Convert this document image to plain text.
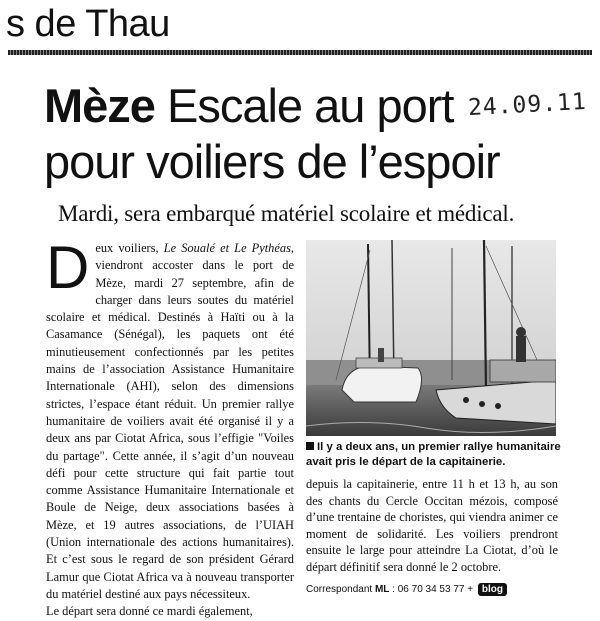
s de Thau
Mèze Escale au port
pour voiliers de l’espoir
24.09.11
Mardi, sera embarqué matériel scolaire et médical.
D eux voiliers, Le Soualé et Le Pythéas, viendront accoster dans le port de Mèze, mardi 27 septembre, afin de charger dans leurs soutes du matériel scolaire et médical. Destinés à Haïti ou à la Casamance (Sénégal), les paquets ont été minutieusement confectionnés par les petites mains de l’association Assistance Humanitaire Internationale (AHI), selon des dimensions strictes, l’espace étant réduit. Un premier rallye humanitaire de voiliers avait été organisé il y a deux ans par Ciotat Africa, sous l’effigie "Voiles du partage". Cette année, il s’agit d’un nouveau défi pour cette structure qui fait partie tout comme Assistance Humanitaire Internationale et Boule de Neige, deux associations basées à Mèze, et 19 autres associations, de l’UIAH (Union internationale des actions humanitaires). Et c’est sous le regard de son président Gérard Lamur que Ciotat Africa va à nouveau transporter du matériel destiné aux pays nécessiteux.

Le départ sera donné ce mardi également,

Il y a deux ans, un premier rallye humanitaire avait pris le départ de la capitainerie.

depuis la capitainerie, entre 11 h et 13 h, au son des chants du Cercle Occitan mézois, composé d’une trentaine de choristes, qui viendra animer ce moment de solidarité. Les voiliers prendront ensuite le large pour atteindre La Ciotat, d’où le départ définitif sera donné le 2 octobre.

Correspondant ML : 06 70 34 53 77 + blog
